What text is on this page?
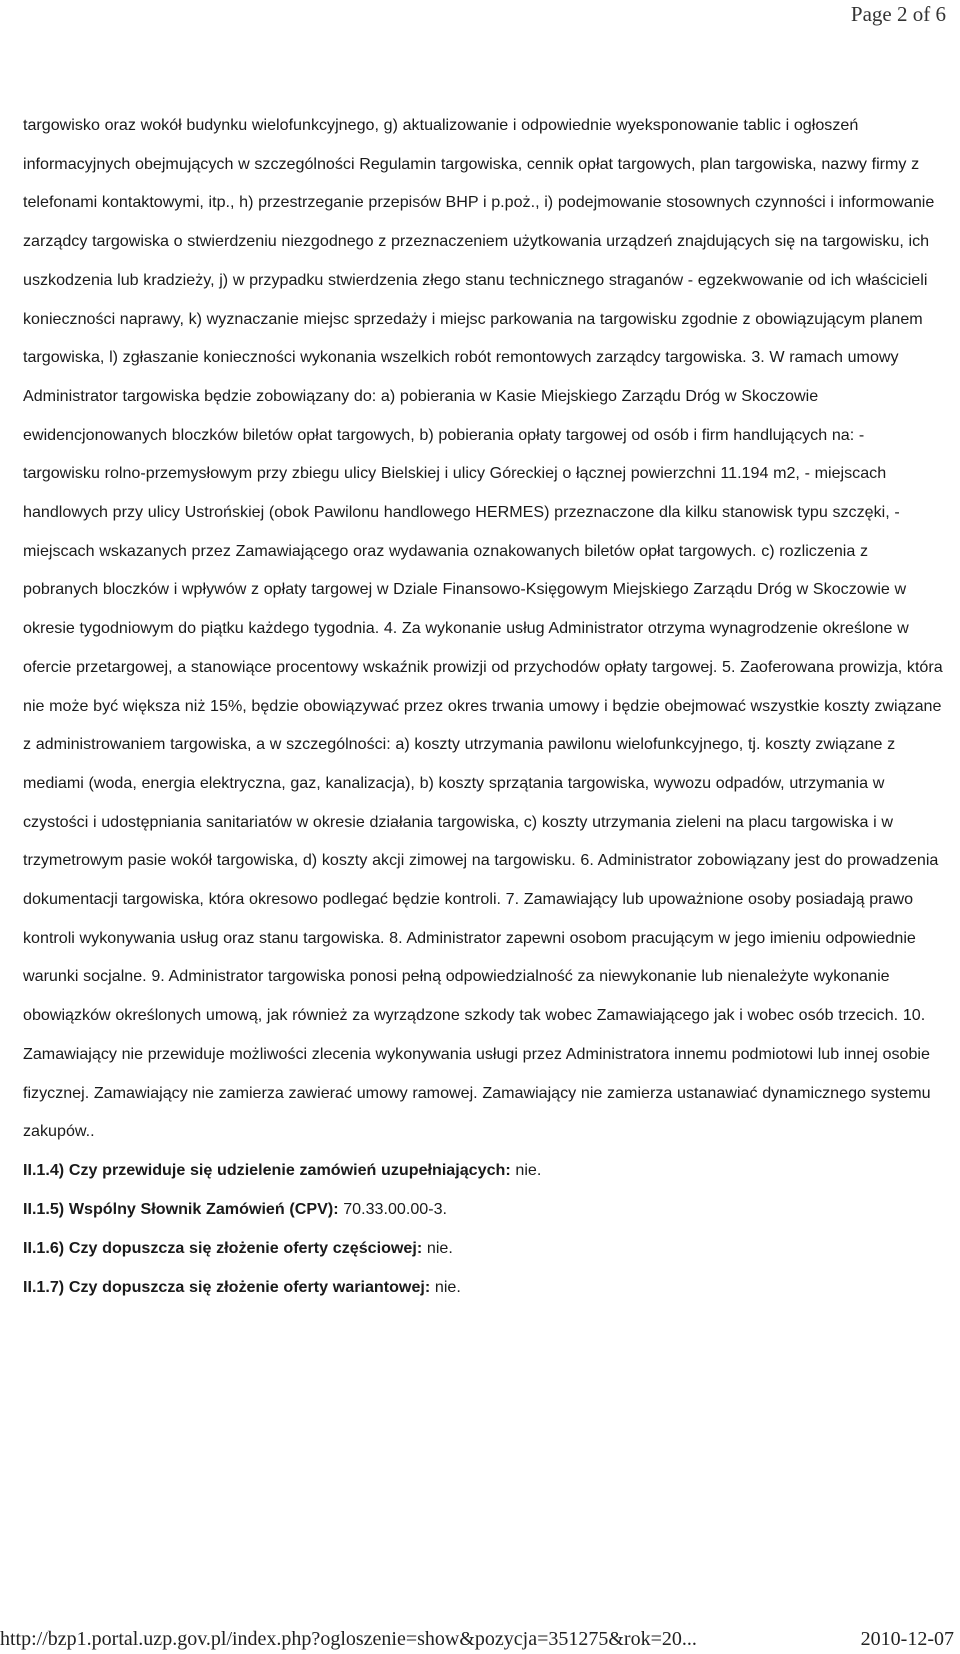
Page 2 of 6

targowisko oraz wokół budynku wielofunkcyjnego, g) aktualizowanie i odpowiednie wyeksponowanie tablic i ogłoszeń informacyjnych obejmujących w szczególności Regulamin targowiska, cennik opłat targowych, plan targowiska, nazwy firmy z telefonami kontaktowymi, itp., h) przestrzeganie przepisów BHP i p.poż., i) podejmowanie stosownych czynności i informowanie zarządcy targowiska o stwierdzeniu niezgodnego z przeznaczeniem użytkowania urządzeń znajdujących się na targowisku, ich uszkodzenia lub kradzieży, j) w przypadku stwierdzenia złego stanu technicznego straganów - egzekwowanie od ich właścicieli konieczności naprawy, k) wyznaczanie miejsc sprzedaży i miejsc parkowania na targowisku zgodnie z obowiązującym planem targowiska, l) zgłaszanie konieczności wykonania wszelkich robót remontowych zarządcy targowiska. 3. W ramach umowy Administrator targowiska będzie zobowiązany do: a) pobierania w Kasie Miejskiego Zarządu Dróg w Skoczowie ewidencjonowanych bloczków biletów opłat targowych, b) pobierania opłaty targowej od osób i firm handlujących na: - targowisku rolno-przemysłowym przy zbiegu ulicy Bielskiej i ulicy Góreckiej o łącznej powierzchni 11.194 m2, - miejscach handlowych przy ulicy Ustrońskiej (obok Pawilonu handlowego HERMES) przeznaczone dla kilku stanowisk typu szczęki, - miejscach wskazanych przez Zamawiającego oraz wydawania oznakowanych biletów opłat targowych. c) rozliczenia z pobranych bloczków i wpływów z opłaty targowej w Dziale Finansowo-Księgowym Miejskiego Zarządu Dróg w Skoczowie w okresie tygodniowym do piątku każdego tygodnia. 4. Za wykonanie usług Administrator otrzyma wynagrodzenie określone w ofercie przetargowej, a stanowiące procentowy wskaźnik prowizji od przychodów opłaty targowej. 5. Zaoferowana prowizja, która nie może być większa niż 15%, będzie obowiązywać przez okres trwania umowy i będzie obejmować wszystkie koszty związane z administrowaniem targowiska, a w szczególności: a) koszty utrzymania pawilonu wielofunkcyjnego, tj. koszty związane z mediami (woda, energia elektryczna, gaz, kanalizacja), b) koszty sprzątania targowiska, wywozu odpadów, utrzymania w czystości i udostępniania sanitariatów w okresie działania targowiska, c) koszty utrzymania zieleni na placu targowiska i w trzymetrowym pasie wokół targowiska, d) koszty akcji zimowej na targowisku. 6. Administrator zobowiązany jest do prowadzenia dokumentacji targowiska, która okresowo podlegać będzie kontroli. 7. Zamawiający lub upoważnione osoby posiadają prawo kontroli wykonywania usług oraz stanu targowiska. 8. Administrator zapewni osobom pracującym w jego imieniu odpowiednie warunki socjalne. 9. Administrator targowiska ponosi pełną odpowiedzialność za niewykonanie lub nienależyte wykonanie obowiązków określonych umową, jak również za wyrządzone szkody tak wobec Zamawiającego jak i wobec osób trzecich. 10. Zamawiający nie przewiduje możliwości zlecenia wykonywania usługi przez Administratora innemu podmiotowi lub innej osobie fizycznej. Zamawiający nie zamierza zawierać umowy ramowej. Zamawiający nie zamierza ustanawiać dynamicznego systemu zakupów..

II.1.4) Czy przewiduje się udzielenie zamówień uzupełniających: nie.

II.1.5) Wspólny Słownik Zamówień (CPV): 70.33.00.00-3.

II.1.6) Czy dopuszcza się złożenie oferty częściowej: nie.

II.1.7) Czy dopuszcza się złożenie oferty wariantowej: nie.

http://bzp1.portal.uzp.gov.pl/index.php?ogloszenie=show&pozycja=351275&rok=20...	2010-12-07
